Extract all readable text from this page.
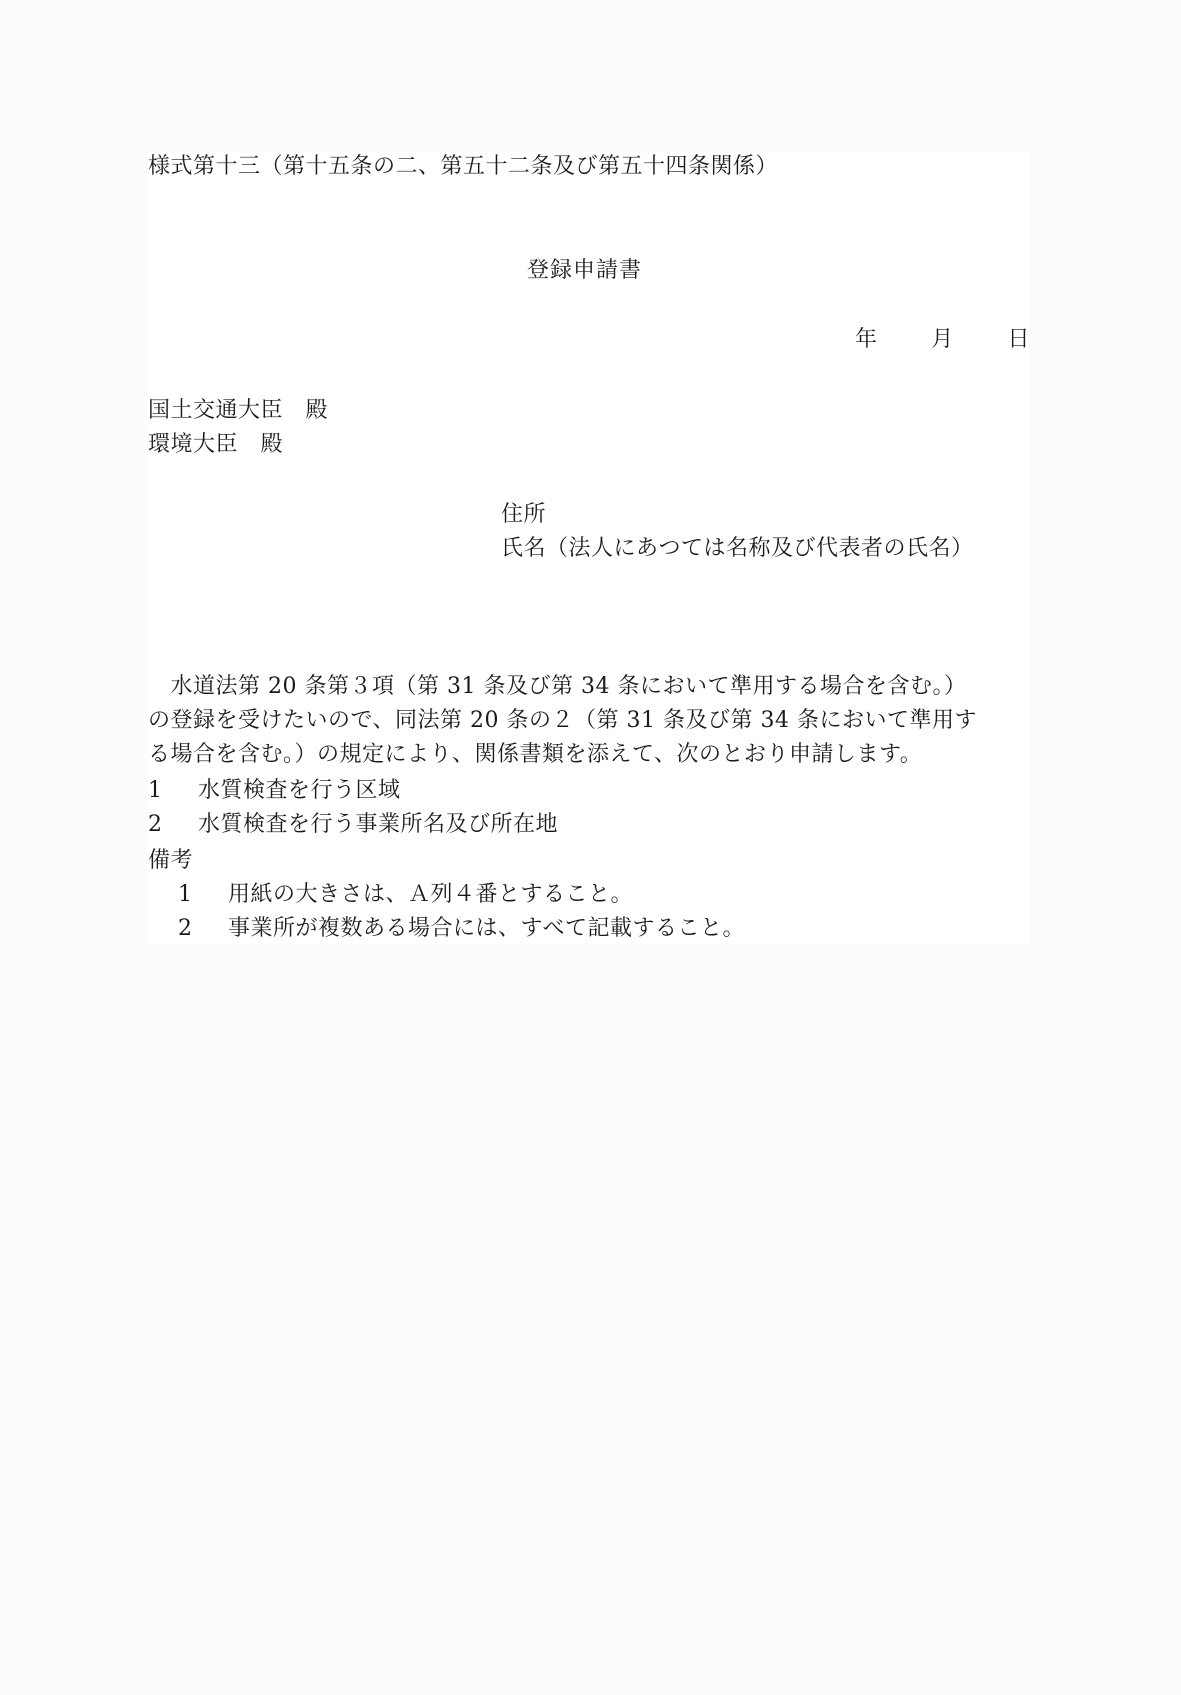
様式第十三（第十五条の二、第五十二条及び第五十四条関係）
登録申請書
年 月 日
国土交通大臣　殿
環境大臣　殿
住所
氏名（法人にあつては名称及び代表者の氏名）
　水道法第 20 条第３項（第 31 条及び第 34 条において準用する場合を含む。）
の登録を受けたいので、同法第 20 条の２（第 31 条及び第 34 条において準用す
る場合を含む。）の規定により、関係書類を添えて、次のとおり申請します。
1 水質検査を行う区域
2 水質検査を行う事業所名及び所在地
備考
1 用紙の大きさは、Ａ列４番とすること。
2 事業所が複数ある場合には、すべて記載すること。
